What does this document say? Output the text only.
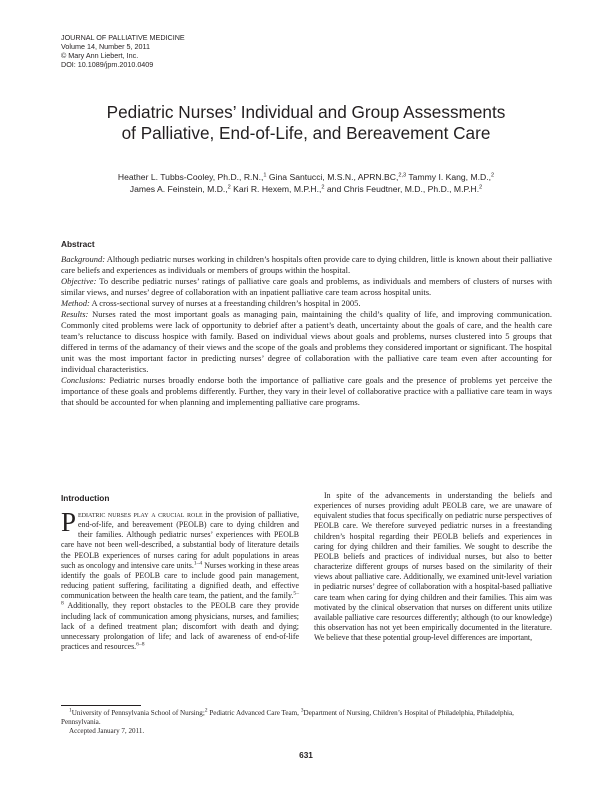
JOURNAL OF PALLIATIVE MEDICINE
Volume 14, Number 5, 2011
© Mary Ann Liebert, Inc.
DOI: 10.1089/jpm.2010.0409
Pediatric Nurses’ Individual and Group Assessments
of Palliative, End-of-Life, and Bereavement Care
Heather L. Tubbs-Cooley, Ph.D., R.N.,$^1$ Gina Santucci, M.S.N., APRN.BC,$^{2,3}$ Tammy I. Kang, M.D.,$^2$
James A. Feinstein, M.D.,$^2$ Kari R. Hexem, M.P.H.,$^2$ and Chris Feudtner, M.D., Ph.D., M.P.H.$^2$
Abstract

Background: Although pediatric nurses working in children’s hospitals often provide care to dying children, little is known about their palliative care beliefs and experiences as individuals or members of groups within the hospital.

Objective: To describe pediatric nurses’ ratings of palliative care goals and problems, as individuals and members of clusters of nurses with similar views, and nurses’ degree of collaboration with an inpatient palliative care team across hospital units.

Method: A cross-sectional survey of nurses at a freestanding children’s hospital in 2005.

Results: Nurses rated the most important goals as managing pain, maintaining the child’s quality of life, and improving communication. Commonly cited problems were lack of opportunity to debrief after a patient’s death, uncertainty about the goals of care, and the health care team’s reluctance to discuss hospice with family. Based on individual views about goals and problems, nurses clustered into 5 groups that differed in terms of the adamancy of their views and the scope of the goals and problems they considered important or significant. The hospital unit was the most important factor in predicting nurses’ degree of collaboration with the palliative care team even after accounting for individual characteristics.

Conclusions: Pediatric nurses broadly endorse both the importance of palliative care goals and the presence of problems yet perceive the importance of these goals and problems differently. Further, they vary in their level of collaborative practice with a palliative care team in ways that should be accounted for when planning and implementing palliative care programs.

Introduction

Pediatric nurses play a crucial role in the provision of palliative, end-of-life, and bereavement (PEOLB) care to dying children and their families. Although pediatric nurses’ experiences with PEOLB care have not been well-described, a substantial body of literature details the PEOLB experiences of nurses caring for adult populations in areas such as oncology and intensive care units.$^{1-4}$ Nurses working in these areas identify the goals of PEOLB care to include good pain management, reducing patient suffering, facilitating a dignified death, and effective communication between the health care team, the patient, and the family.$^{5-8}$ Additionally, they report obstacles to the PEOLB care they provide including lack of communication among physicians, nurses, and families; lack of a defined treatment plan; discomfort with death and dying; unnecessary prolongation of life; and lack of awareness of end-of-life practices and resources.$^{6-8}$

In spite of the advancements in understanding the beliefs and experiences of nurses providing adult PEOLB care, we are unaware of equivalent studies that focus specifically on pediatric nurse perspectives of PEOLB care. We therefore surveyed pediatric nurses in a freestanding children’s hospital regarding their PEOLB beliefs and experiences in caring for dying children and their families. We sought to describe the PEOLB beliefs and practices of individual nurses, but also to better characterize different groups of nurses based on the similarity of their views about palliative care. Additionally, we examined unit-level variation in pediatric nurses’ degree of collaboration with a hospital-based palliative care team when caring for dying children and their families. This aim was motivated by the clinical observation that nurses on different units utilize available palliative care resources differently; although (to our knowledge) this observation has not yet been empirically documented in the literature. We believe that these potential group-level differences are important,

$^1$University of Pennsylvania School of Nursing;$^2$ Pediatric Advanced Care Team, $^3$Department of Nursing, Children’s Hospital of Philadelphia, Philadelphia, Pennsylvania.

Accepted January 7, 2011.

631
